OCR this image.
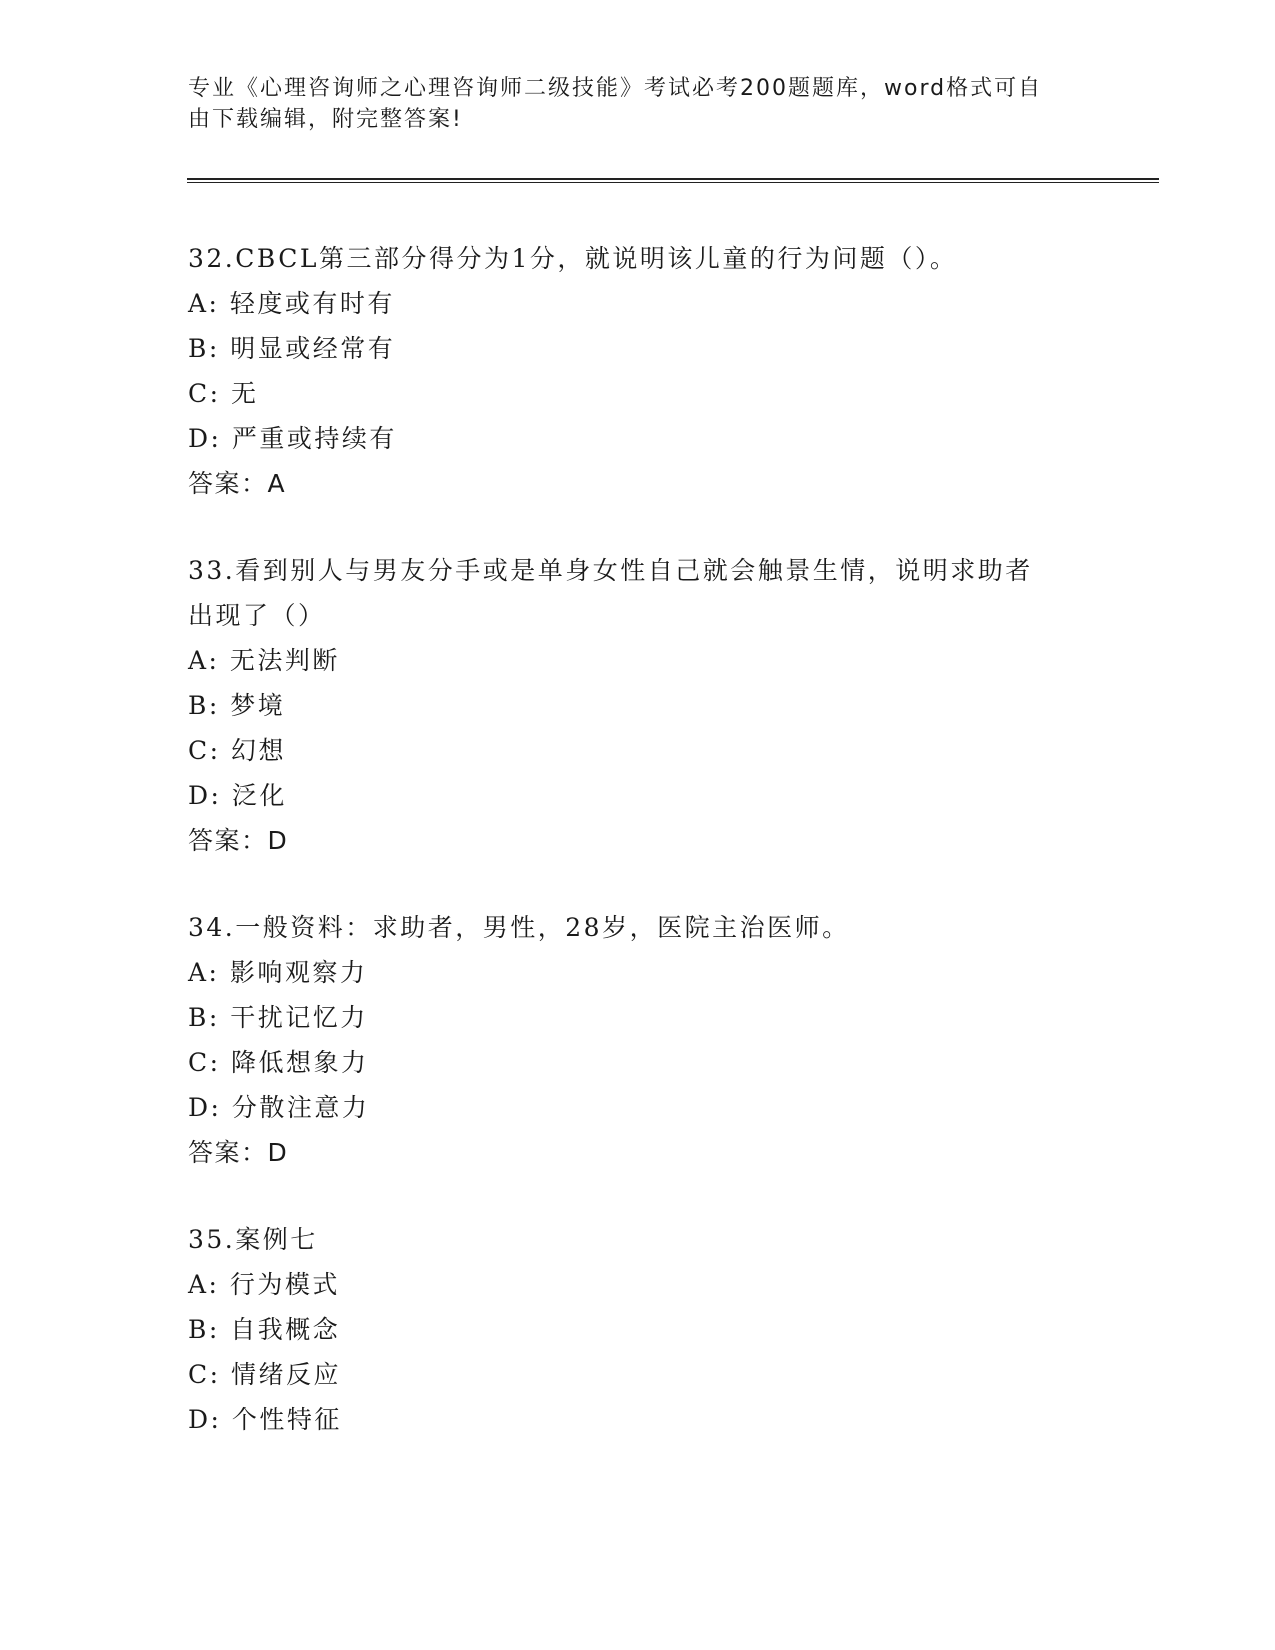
专业《心理咨询师之心理咨询师二级技能》考试必考200题题库，word格式可自
由下载编辑，附完整答案!
32.CBCL第三部分得分为1分，就说明该儿童的行为问题（）。
A: 轻度或有时有
B: 明显或经常有
C: 无
D: 严重或持续有
答案：A
33.看到别人与男友分手或是单身女性自己就会触景生情，说明求助者
出现了（）
A: 无法判断
B: 梦境
C: 幻想
D: 泛化
答案：D
34.一般资料：求助者，男性，28岁，医院主治医师。
A: 影响观察力
B: 干扰记忆力
C: 降低想象力
D: 分散注意力
答案：D
35.案例七
A: 行为模式
B: 自我概念
C: 情绪反应
D: 个性特征
